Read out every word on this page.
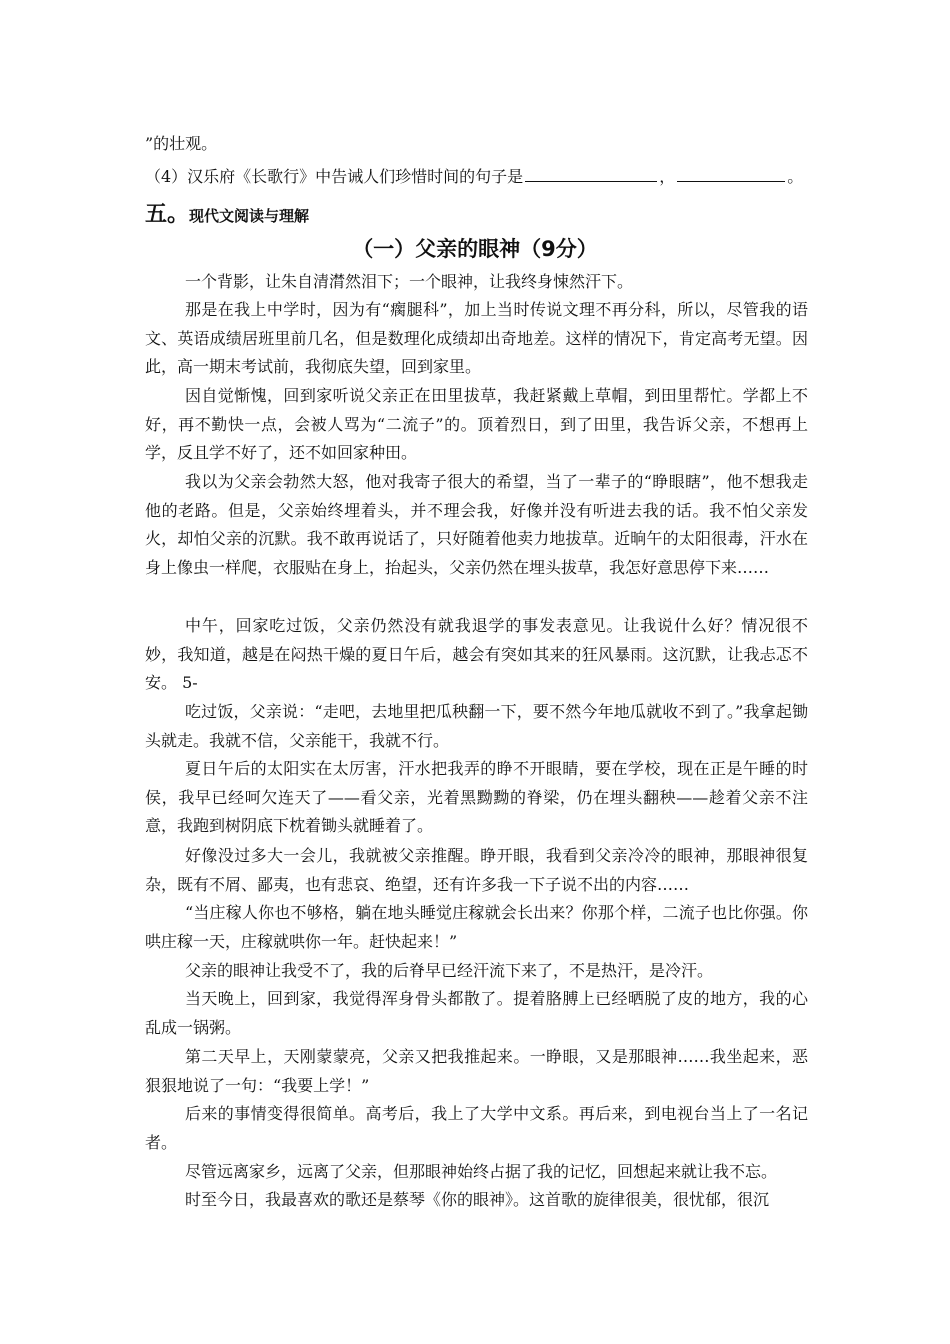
”的壮观。
（4）汉乐府《长歌行》中告诫人们珍惜时间的句子是	，	。
五。现代文阅读与理解
（一）父亲的眼神（9分）
一个背影，让朱自清潸然泪下；一个眼神，让我终身悚然汗下。
那是在我上中学时，因为有“瘸腿科”，加上当时传说文理不再分科，所以，尽管我的语文、英语成绩居班里前几名，但是数理化成绩却出奇地差。这样的情况下，肯定高考无望。因此，高一期末考试前，我彻底失望，回到家里。
因自觉惭愧，回到家听说父亲正在田里拔草，我赶紧戴上草帽，到田里帮忙。学都上不好，再不勤快一点，会被人骂为“二流子”的。顶着烈日，到了田里，我告诉父亲，不想再上学，反且学不好了，还不如回家种田。
我以为父亲会勃然大怒，他对我寄子很大的希望，当了一辈子的“睁眼瞎”，他不想我走他的老路。但是，父亲始终埋着头，并不理会我，好像并没有听进去我的话。我不怕父亲发火，却怕父亲的沉默。我不敢再说话了，只好随着他卖力地拔草。近晌午的太阳很毒，汗水在身上像虫一样爬，衣服贴在身上，抬起头，父亲仍然在埋头拔草，我怎好意思停下来……
中午，回家吃过饭，父亲仍然没有就我退学的事发表意见。让我说什么好？情况很不妙，我知道，越是在闷热干燥的夏日午后，越会有突如其来的狂风暴雨。这沉默，让我忐忑不安。 5-
吃过饭，父亲说：“走吧，去地里把瓜秧翻一下，要不然今年地瓜就收不到了。”我拿起锄头就走。我就不信，父亲能干，我就不行。
夏日午后的太阳实在太厉害，汗水把我弄的睁不开眼睛，要在学校，现在正是午睡的时侯，我早已经呵欠连天了——看父亲，光着黑黝黝的脊梁，仍在埋头翻秧——趁着父亲不注意，我跑到树阴底下枕着锄头就睡着了。
好像没过多大一会儿，我就被父亲推醒。睁开眼，我看到父亲冷冷的眼神，那眼神很复杂，既有不屑、鄙夷，也有悲哀、绝望，还有许多我一下子说不出的内容……
“当庄稼人你也不够格，躺在地头睡觉庄稼就会长出来？你那个样，二流子也比你强。你哄庄稼一天，庄稼就哄你一年。赶快起来！”
父亲的眼神让我受不了，我的后脊早已经汗流下来了，不是热汗，是冷汗。
当天晚上，回到家，我觉得浑身骨头都散了。提着胳膊上已经晒脱了皮的地方，我的心乱成一锅粥。
第二天早上，天刚蒙蒙亮，父亲又把我推起来。一睁眼，又是那眼神……我坐起来，恶狠狠地说了一句：“我要上学！”
后来的事情变得很简单。高考后，我上了大学中文系。再后来，到电视台当上了一名记者。
尽管远离家乡，远离了父亲，但那眼神始终占据了我的记忆，回想起来就让我不忘。
时至今日，我最喜欢的歌还是蔡琴《你的眼神》。这首歌的旋律很美，很忧郁，很沉
